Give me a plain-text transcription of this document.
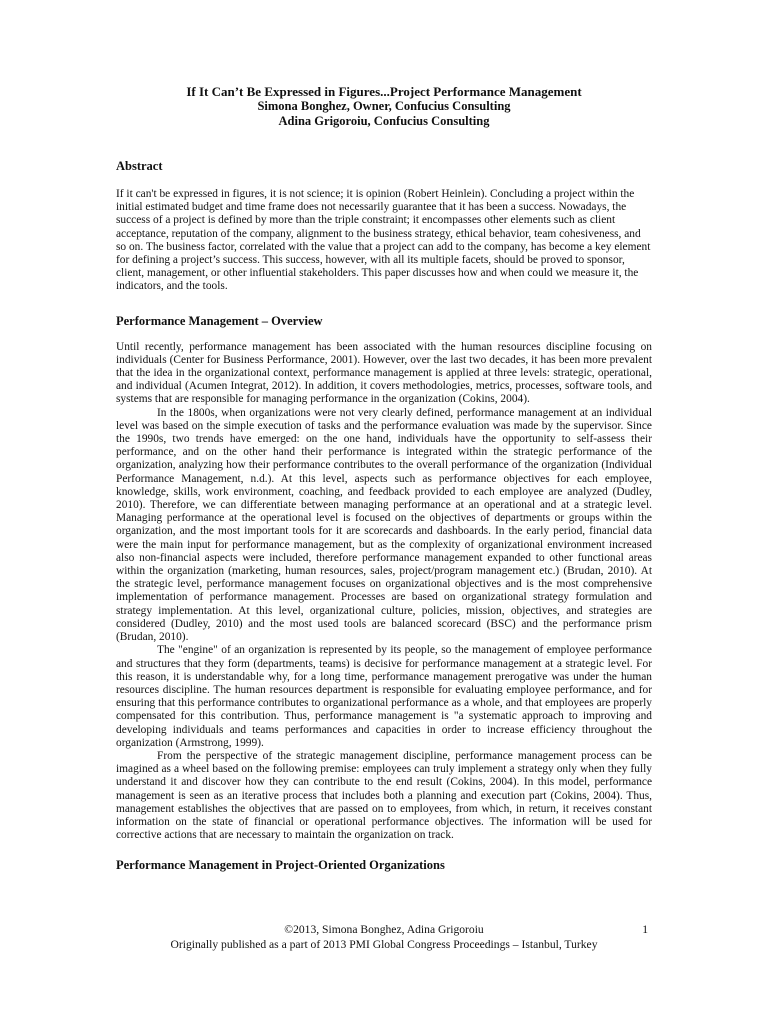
If It Can’t Be Expressed in Figures...Project Performance Management
Simona Bonghez, Owner, Confucius Consulting
Adina Grigoroiu, Confucius Consulting
Abstract

If it can't be expressed in figures, it is not science; it is opinion (Robert Heinlein). Concluding a project within the initial estimated budget and time frame does not necessarily guarantee that it has been a success. Nowadays, the success of a project is defined by more than the triple constraint; it encompasses other elements such as client acceptance, reputation of the company, alignment to the business strategy, ethical behavior, team cohesiveness, and so on. The business factor, correlated with the value that a project can add to the company, has become a key element for defining a project’s success. This success, however, with all its multiple facets, should be proved to sponsor, client, management, or other influential stakeholders. This paper discusses how and when could we measure it, the indicators, and the tools.

Performance Management – Overview

Until recently, performance management has been associated with the human resources discipline focusing on individuals (Center for Business Performance, 2001). However, over the last two decades, it has been more prevalent that the idea in the organizational context, performance management is applied at three levels: strategic, operational, and individual (Acumen Integrat, 2012). In addition, it covers methodologies, metrics, processes, software tools, and systems that are responsible for managing performance in the organization (Cokins, 2004).

In the 1800s, when organizations were not very clearly defined, performance management at an individual level was based on the simple execution of tasks and the performance evaluation was made by the supervisor. Since the 1990s, two trends have emerged: on the one hand, individuals have the opportunity to self-assess their performance, and on the other hand their performance is integrated within the strategic performance of the organization, analyzing how their performance contributes to the overall performance of the organization (Individual Performance Management, n.d.). At this level, aspects such as performance objectives for each employee, knowledge, skills, work environment, coaching, and feedback provided to each employee are analyzed (Dudley, 2010). Therefore, we can differentiate between managing performance at an operational and at a strategic level. Managing performance at the operational level is focused on the objectives of departments or groups within the organization, and the most important tools for it are scorecards and dashboards. In the early period, financial data were the main input for performance management, but as the complexity of organizational environment increased also non-financial aspects were included, therefore performance management expanded to other functional areas within the organization (marketing, human resources, sales, project/program management etc.) (Brudan, 2010). At the strategic level, performance management focuses on organizational objectives and is the most comprehensive implementation of performance management. Processes are based on organizational strategy formulation and strategy implementation. At this level, organizational culture, policies, mission, objectives, and strategies are considered (Dudley, 2010) and the most used tools are balanced scorecard (BSC) and the performance prism (Brudan, 2010).

The "engine" of an organization is represented by its people, so the management of employee performance and structures that they form (departments, teams) is decisive for performance management at a strategic level. For this reason, it is understandable why, for a long time, performance management prerogative was under the human resources discipline. The human resources department is responsible for evaluating employee performance, and for ensuring that this performance contributes to organizational performance as a whole, and that employees are properly compensated for this contribution. Thus, performance management is "a systematic approach to improving and developing individuals and teams performances and capacities in order to increase efficiency throughout the organization (Armstrong, 1999).

From the perspective of the strategic management discipline, performance management process can be imagined as a wheel based on the following premise: employees can truly implement a strategy only when they fully understand it and discover how they can contribute to the end result (Cokins, 2004). In this model, performance management is seen as an iterative process that includes both a planning and execution part (Cokins, 2004). Thus, management establishes the objectives that are passed on to employees, from which, in return, it receives constant information on the state of financial or operational performance objectives. The information will be used for corrective actions that are necessary to maintain the organization on track.

Performance Management in Project-Oriented Organizations
©2013, Simona Bonghez, Adina Grigoroiu
Originally published as a part of 2013 PMI Global Congress Proceedings – Istanbul, Turkey
1
